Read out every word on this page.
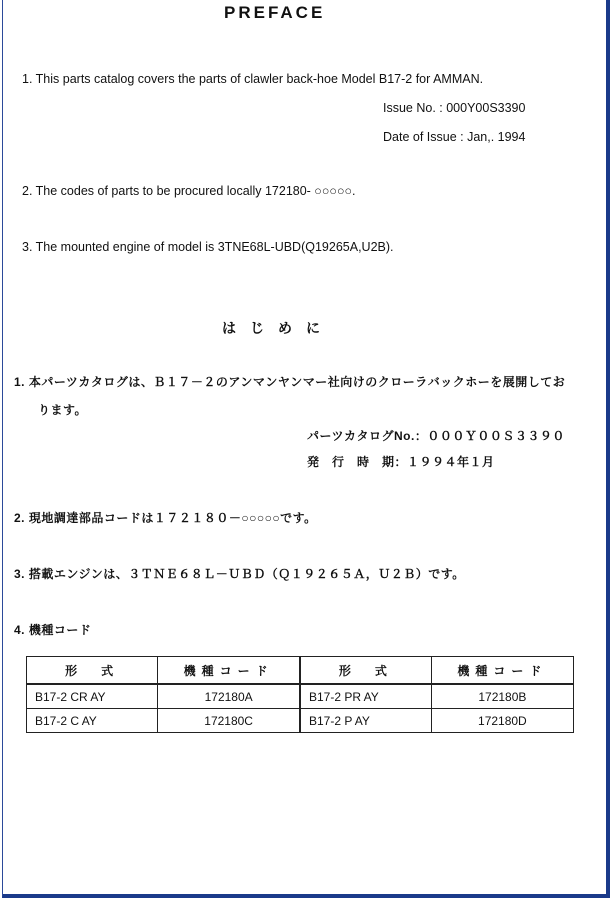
PREFACE
1. This parts catalog covers the parts of clawler back-hoe Model B17-2 for AMMAN.
Issue No. : 000Y00S3390
Date of Issue : Jan,. 1994
2. The codes of parts to be procured locally 172180- ○○○○○.
3. The mounted engine of model is 3TNE68L-UBD(Q19265A,U2B).
はじめに
1. 本パーツカタログは、Ｂ１７－２のアンマンヤンマー社向けのクローラバックホーを展開してお
ります。
パーツカタログNo.：０００Ｙ００Ｓ３３９０
発　行　時　期：１９９４年１月
2. 現地調達部品コードは１７２１８０－○○○○○です。
3. 搭載エンジンは、３ＴＮＥ６８Ｌ－ＵＢＤ（Ｑ１９２６５Ａ，Ｕ２Ｂ）です。
4. 機種コード
形　式	機種コード	形　式	機種コード
B17-2 CR AY	172180A	B17-2 PR AY	172180B
B17-2 C AY	172180C	B17-2 P AY	172180D
